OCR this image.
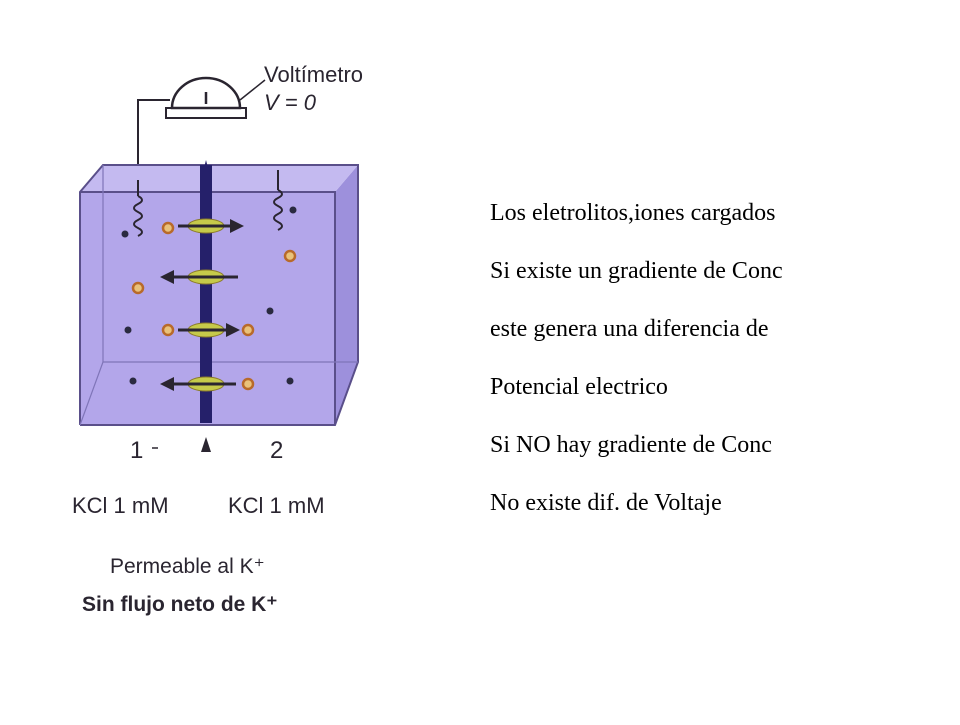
Voltímetro
V = 0
1	2
KCl 1 mM	KCl 1 mM
Permeable al K⁺
Sin flujo neto de K⁺
Los eletrolitos,iones cargados
Si existe un gradiente de Conc
este genera una diferencia de
Potencial electrico
Si NO hay gradiente de Conc
No existe dif. de Voltaje
